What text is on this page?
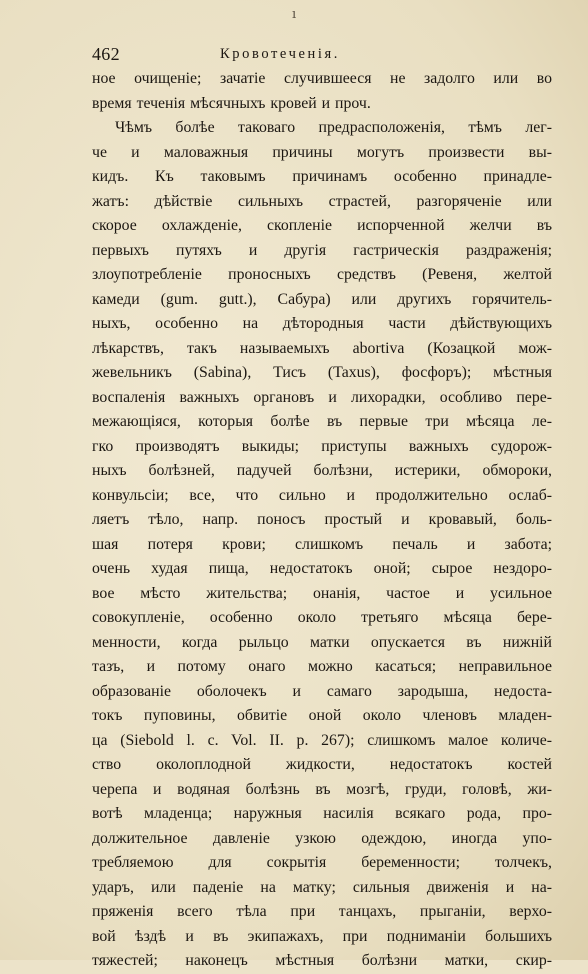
ı
462	Кровотеченія.
ное очищеніе; зачатіе случившееся не задолго или во
время теченія мѣсячныхъ кровей и проч.
Чѣмъ болѣе таковаго предрасположенія, тѣмъ лег-
че и маловажныя причины могутъ произвести вы-
кидъ. Къ таковымъ причинамъ особенно принадле-
жатъ: дѣйствіе сильныхъ страстей, разгоряченіе или
скорое охлажденіе, скопленіе испорченной желчи въ
первыхъ путяхъ и другія гастрическія раздраженія;
злоупотребленіе проносныхъ средствъ (Ревеня, желтой
камеди (gum. gutt.), Сабура) или другихъ горячитель-
ныхъ, особенно на дѣтородныя части дѣйствующихъ
лѣкарствъ, такъ называемыхъ abortiva (Козацкой мож-
жевельникъ (Sabina), Тисъ (Taxus), фосфоръ); мѣстныя
воспаленія важныхъ органовъ и лихорадки, особливо пере-
межающіяся, которыя болѣе въ первые три мѣсяца ле-
гко производятъ выкиды; приступы важныхъ судорож-
ныхъ болѣзней, падучей болѣзни, истерики, обмороки,
конвульсіи; все, что сильно и продолжительно ослаб-
ляетъ тѣло, напр. поносъ простый и кровавый, боль-
шая потеря крови; слишкомъ печаль и забота;
очень худая пища, недостатокъ оной; сырое нездоро-
вое мѣсто жительства; онанія, частое и усильное
совокупленіе, особенно около третьяго мѣсяца бере-
менности, когда рыльцо матки опускается въ нижній
тазъ, и потому онаго можно касаться; неправильное
образованіе оболочекъ и самаго зародыша, недоста-
токъ пуповины, обвитіе оной около членовъ младен-
ца (Siebold l. c. Vol. II. p. 267); слишкомъ малое количе-
ство околоплодной жидкости, недостатокъ костей
черепа и водяная болѣзнь въ мозгѣ, груди, головѣ, жи-
вотѣ младенца; наружныя насилія всякаго рода, про-
должительное давленіе узкою одеждою, иногда упо-
требляемою для сокрытія беременности; толчекъ,
ударъ, или паденіе на матку; сильныя движенія и на-
пряженія всего тѣла при танцахъ, прыганіи, верхо-
вой ѣздѣ и въ экипажахъ, при подниманіи большихъ
тяжестей; наконецъ мѣстныя болѣзни матки, скир-
